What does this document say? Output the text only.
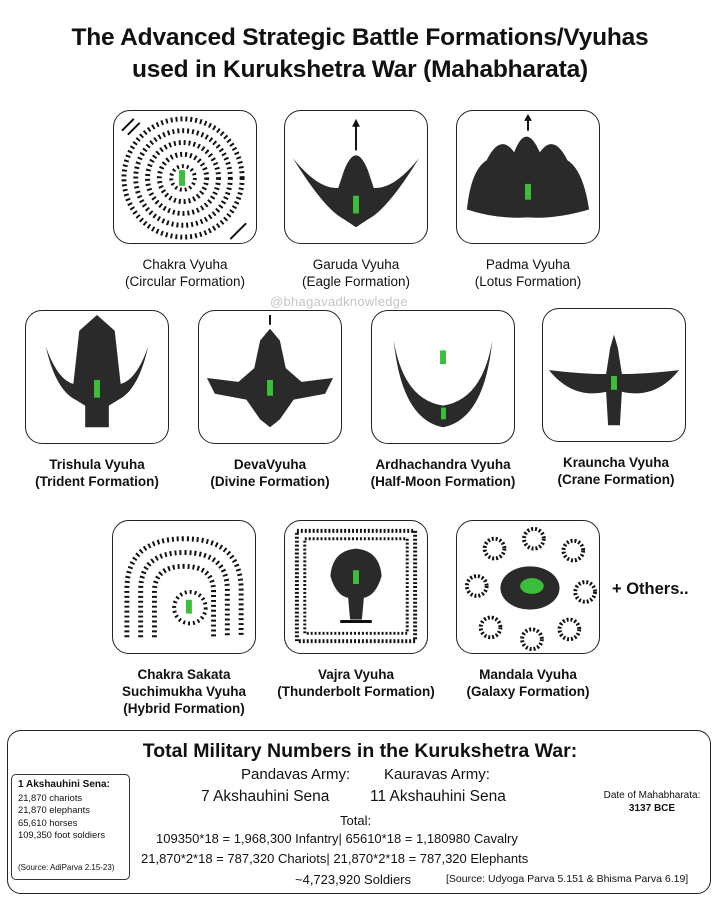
The Advanced Strategic Battle Formations/Vyuhas
used in Kurukshetra War (Mahabharata)
Chakra Vyuha
(Circular Formation)
Garuda Vyuha
(Eagle Formation)
Padma Vyuha
(Lotus Formation)
@bhagavadknowledge
Trishula Vyuha
(Trident Formation)
DevaVyuha
(Divine Formation)
Ardhachandra Vyuha
(Half-Moon Formation)
Krauncha Vyuha
(Crane Formation)
+ Others..
Chakra Sakata
Suchimukha Vyuha
(Hybrid Formation)
Vajra Vyuha
(Thunderbolt Formation)
Mandala Vyuha
(Galaxy Formation)
Total Military Numbers in the Kurukshetra War:
Pandavas Army: Kauravas Army:
7 Akshauhini Sena	11 Akshauhini Sena
1 Akshauhini Sena:
21,870 chariots
21,870 elephants
65,610 horses
109,350 foot soldiers
(Source: AdiParva 2.15-23)
Date of Mahabharata:
3137 BCE
Total:
109350*18 = 1,968,300 Infantry| 65610*18 = 1,180980 Cavalry
21,870*2*18 = 787,320 Chariots| 21,870*2*18 = 787,320 Elephants
~4,723,920 Soldiers	[Source: Udyoga Parva 5.151 & Bhisma Parva 6.19]
